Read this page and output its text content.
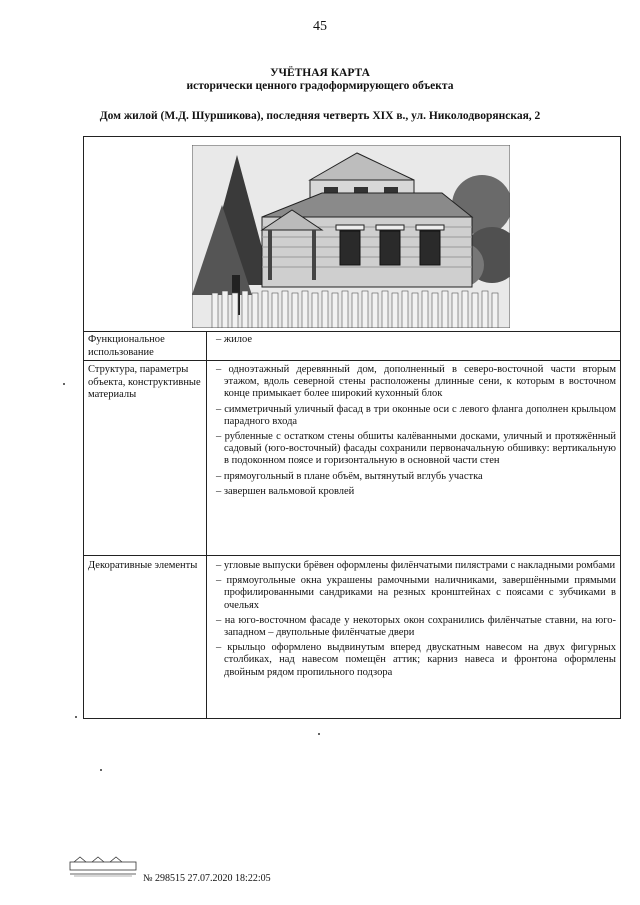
45
УЧЁТНАЯ КАРТА
исторически ценного градоформирующего объекта
Дом жилой (М.Д. Шуршикова), последняя четверть XIX в., ул. Николодворянская, 2
Функциональное использование
– жилое
Структура, параметры объекта, конструктивные материалы
– одноэтажный деревянный дом, дополненный в северо-восточной части вторым этажом, вдоль северной стены расположены длинные сени, к которым в восточном конце примыкает более широкий кухонный блок
– симметричный уличный фасад в три оконные оси с левого фланга дополнен крыльцом парадного входа
– рубленные с остатком стены обшиты калёванными досками, уличный и протяжённый садовый (юго-восточный) фасады сохранили первоначальную обшивку: вертикальную в подоконном поясе и горизонтальную в основной части стен
– прямоугольный в плане объём, вытянутый вглубь участка
– завершен вальмовой кровлей
Декоративные элементы	– угловые выпуски брёвен оформлены филёнчатыми пилястрами с накладными ромбами
– прямоугольные окна украшены рамочными наличниками, завершёнными прямыми профилированными сандриками на резных кронштейнах с поясами с зубчиками в очельях
– на юго-восточном фасаде у некоторых окон сохранились филёнчатые ставни, на юго-западном – двупольные филёнчатые двери
– крыльцо оформлено выдвинутым вперед двускатным навесом на двух фигурных столбиках, над навесом помещён аттик; карниз навеса и фронтона оформлены двойным рядом пропильного подзора
№ 298515 27.07.2020 18:22:05
